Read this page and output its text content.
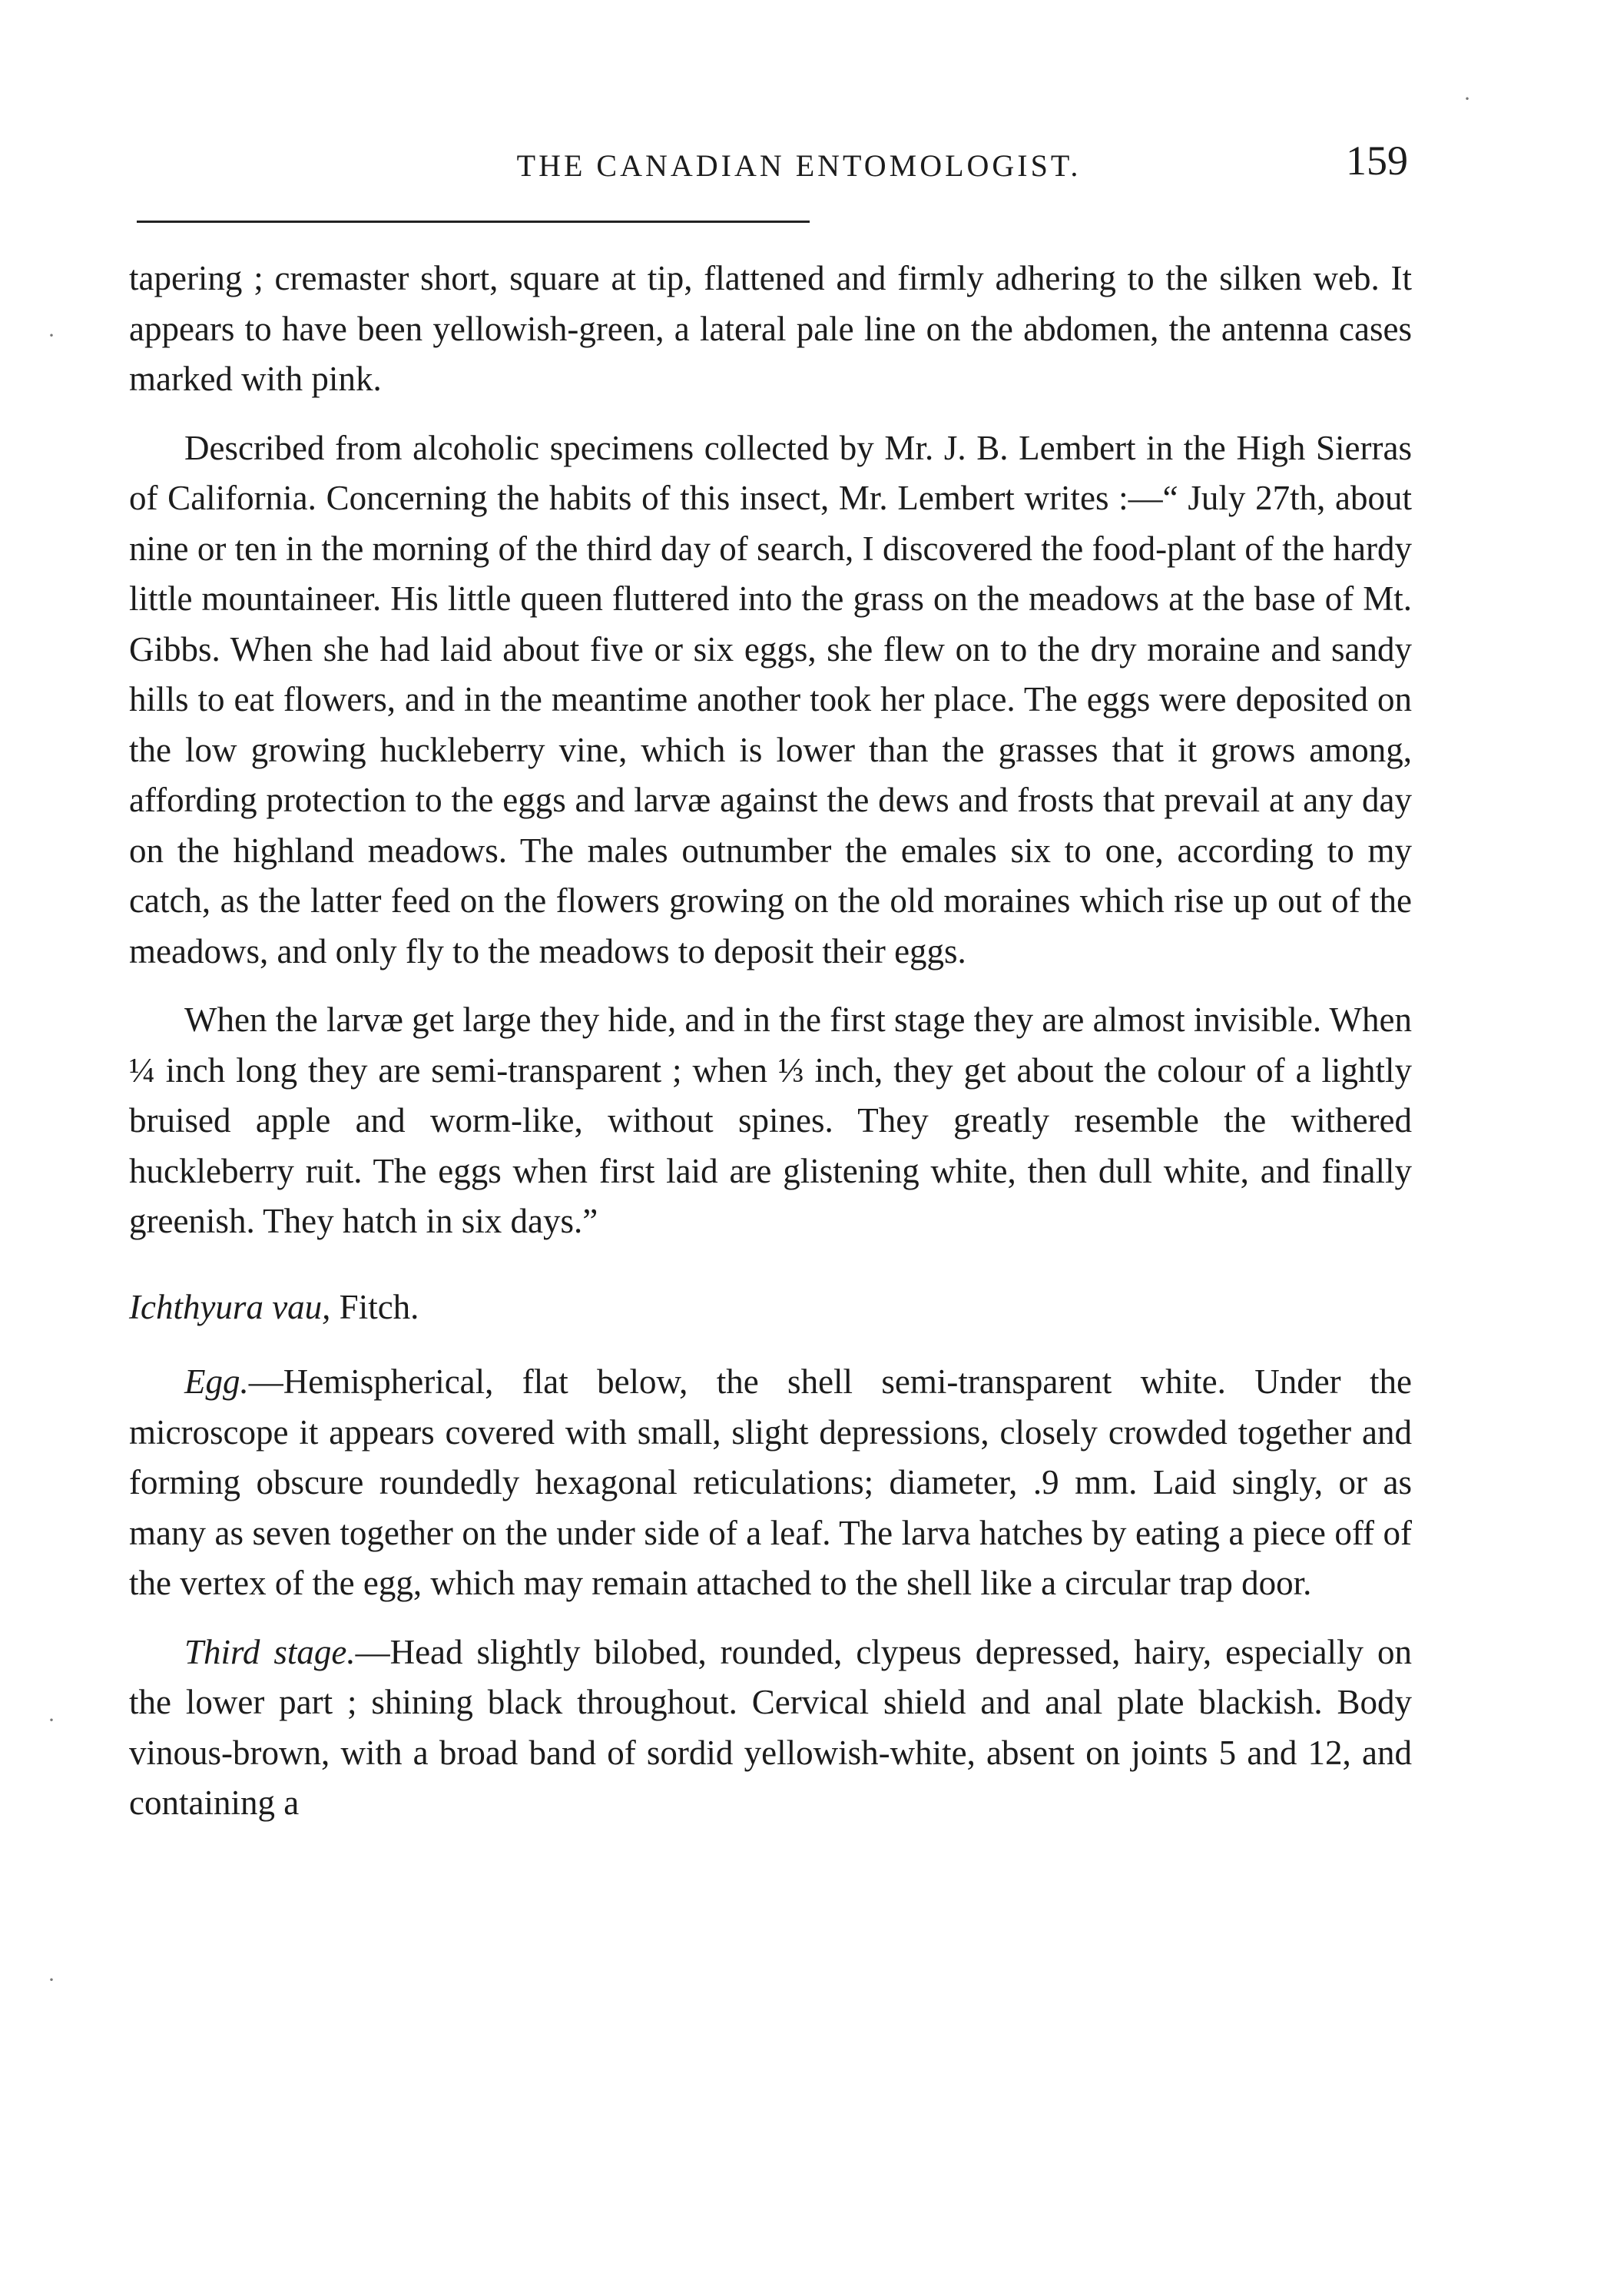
THE CANADIAN ENTOMOLOGIST.	159
·
·
·
·

tapering ; cremaster short, square at tip, flattened and firmly adhering to the silken web. It appears to have been yellowish-green, a lateral pale line on the abdomen, the antenna cases marked with pink.

Described from alcoholic specimens collected by Mr. J. B. Lembert in the High Sierras of California. Concerning the habits of this insect, Mr. Lembert writes :—“ July 27th, about nine or ten in the morning of the third day of search, I discovered the food-plant of the hardy little mountaineer. His little queen fluttered into the grass on the meadows at the base of Mt. Gibbs. When she had laid about five or six eggs, she flew on to the dry moraine and sandy hills to eat flowers, and in the meantime another took her place. The eggs were deposited on the low growing huckleberry vine, which is lower than the grasses that it grows among, affording protection to the eggs and larvæ against the dews and frosts that prevail at any day on the highland meadows. The males outnumber the emales six to one, according to my catch, as the latter feed on the flowers growing on the old moraines which rise up out of the meadows, and only fly to the meadows to deposit their eggs.

When the larvæ get large they hide, and in the first stage they are almost invisible. When ¼ inch long they are semi-transparent ; when ⅓ inch, they get about the colour of a lightly bruised apple and worm-like, without spines. They greatly resemble the withered huckleberry ruit. The eggs when first laid are glistening white, then dull white, and finally greenish. They hatch in six days.”

Ichthyura vau, Fitch.

Egg.—Hemispherical, flat below, the shell semi-transparent white. Under the microscope it appears covered with small, slight depressions, closely crowded together and forming obscure roundedly hexagonal reticulations; diameter, .9 mm. Laid singly, or as many as seven together on the under side of a leaf. The larva hatches by eating a piece off of the vertex of the egg, which may remain attached to the shell like a circular trap door.

Third stage.—Head slightly bilobed, rounded, clypeus depressed, hairy, especially on the lower part ; shining black throughout. Cervical shield and anal plate blackish. Body vinous-brown, with a broad band of sordid yellowish-white, absent on joints 5 and 12, and containing a
